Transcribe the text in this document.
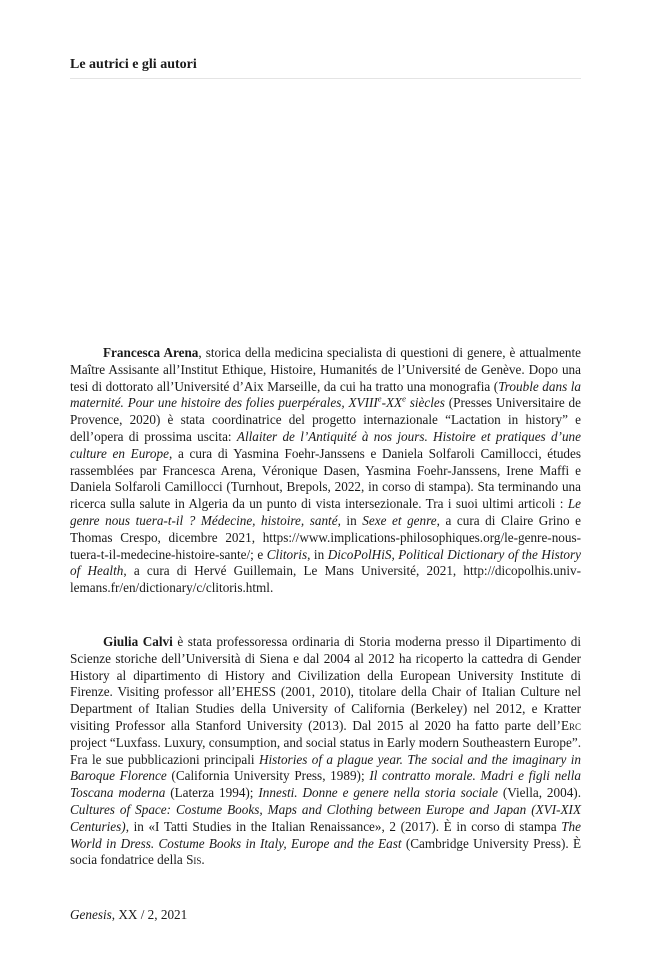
Le autrici e gli autori

Francesca Arena, storica della medicina specialista di questioni di genere, è attualmente Maître Assisante all’Institut Ethique, Histoire, Humanités de l’Université de Genève. Dopo una tesi di dottorato all’Université d’Aix Marseille, da cui ha tratto una monografia (Trouble dans la maternité. Pour une histoire des folies puerpérales, XVIIIe-XXe siècles (Presses Universitaire de Provence, 2020) è stata coordinatrice del progetto internazionale “Lactation in history” e dell’opera di prossima uscita: Allaiter de l’Antiquité à nos jours. Histoire et pratiques d’une culture en Europe, a cura di Yasmina Foehr-Janssens e Daniela Solfaroli Camillocci, études rassemblées par Francesca Arena, Véronique Dasen, Yasmina Foehr-Janssens, Irene Maffi e Daniela Solfaroli Camillocci (Turnhout, Brepols, 2022, in corso di stampa). Sta terminando una ricerca sulla salute in Algeria da un punto di vista intersezionale. Tra i suoi ultimi articoli : Le genre nous tuera-t-il ? Médecine, histoire, santé, in Sexe et genre, a cura di Claire Grino e Thomas Crespo, dicembre 2021, https://www.implications-philosophiques.org/le-genre-nous-tuera-t-il-medecine-histoire-sante/; e Clitoris, in DicoPolHiS, Political Dictionary of the History of Health, a cura di Hervé Guillemain, Le Mans Université, 2021, http://dicopolhis.univ-lemans.fr/en/dictionary/c/clitoris.html.

Giulia Calvi è stata professoressa ordinaria di Storia moderna presso il Dipartimento di Scienze storiche dell’Università di Siena e dal 2004 al 2012 ha ricoperto la cattedra di Gender History al dipartimento di History and Civilization della European University Institute di Firenze. Visiting professor all’EHESS (2001, 2010), titolare della Chair of Italian Culture nel Department of Italian Studies della University of California (Berkeley) nel 2012, e Kratter visiting Professor alla Stanford University (2013). Dal 2015 al 2020 ha fatto parte dell’Erc project “Luxfass. Luxury, consumption, and social status in Early modern Southeastern Europe”. Fra le sue pubblicazioni principali Histories of a plague year. The social and the imaginary in Baroque Florence (California University Press, 1989); Il contratto morale. Madri e figli nella Toscana moderna (Laterza 1994); Innesti. Donne e genere nella storia sociale (Viella, 2004). Cultures of Space: Costume Books, Maps and Clothing between Europe and Japan (XVI-XIX Centuries), in «I Tatti Studies in the Italian Renaissance», 2 (2017). È in corso di stampa The World in Dress. Costume Books in Italy, Europe and the East (Cambridge University Press). È socia fondatrice della Sis.

Genesis, XX / 2, 2021
